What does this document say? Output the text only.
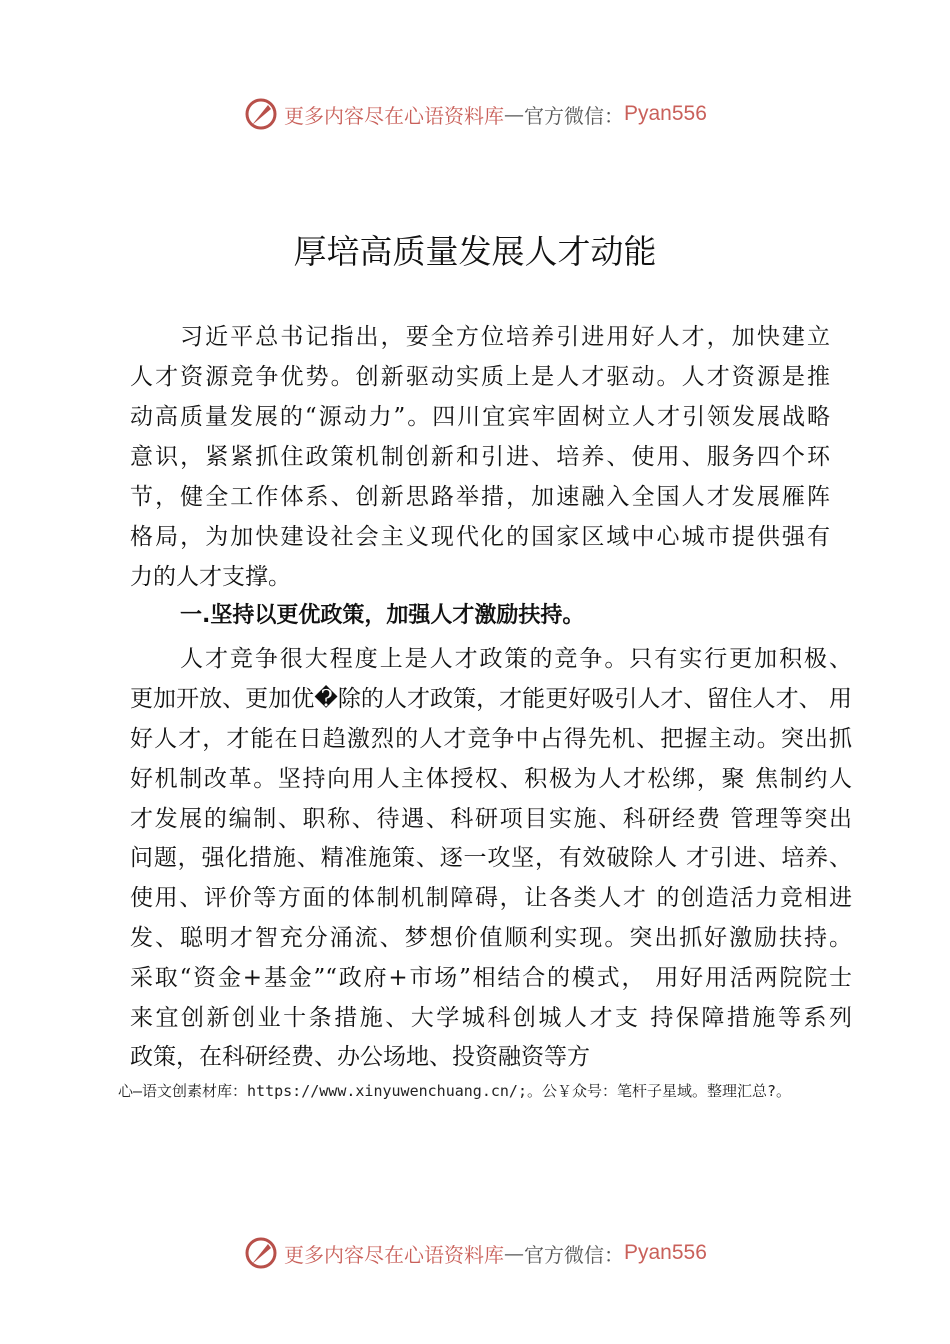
更多内容尽在心语资料库 — 官方微信： Pyan556
厚培高质量发展人才动能
习近平总书记指出，要全方位培养引进用好人才，加快建立
人才资源竞争优势。创新驱动实质上是人才驱动。人才资源是推
动高质量发展的“源动力”。四川宜宾牢固树立人才引领发展战略
意识，紧紧抓住政策机制创新和引进、培养、使用、服务四个环
节，健全工作体系、创新思路举措，加速融入全国人才发展雁阵
格局，为加快建设社会主义现代化的国家区域中心城市提供强有
力的人才支撑。
一.坚持以更优政策，加强人才激励扶持。
人才竞争很大程度上是人才政策的竞争。只有实行更加积极、
更加开放、更加优�除的人才政策，才能更好吸引人才、留住人才、 用
好人才，才能在日趋激烈的人才竞争中占得先机、把握主动。突出抓
好机制改革。坚持向用人主体授权、积极为人才松绑，聚 焦制约人
才发展的编制、职称、待遇、科研项目实施、科研经费 管理等突出
问题，强化措施、精准施策、逐一攻坚，有效破除人 才引进、培养、
使用、评价等方面的体制机制障碍，让各类人才 的创造活力竞相进
发、聪明才智充分涌流、梦想价值顺利实现。突出抓好激励扶持。
采取“资金+基金”“政府+市场”相结合的模式， 用好用活两院院士
来宜创新创业十条措施、大学城科创城人才支 持保障措施等系列
政策，在科研经费、办公场地、投资融资等方
心—语文创素材库：https://www.xinyuwenchuang.cn/;。公￥众号：笔杆子星域。整理汇总?。
更多内容尽在心语资料库 — 官方微信： Pyan556
